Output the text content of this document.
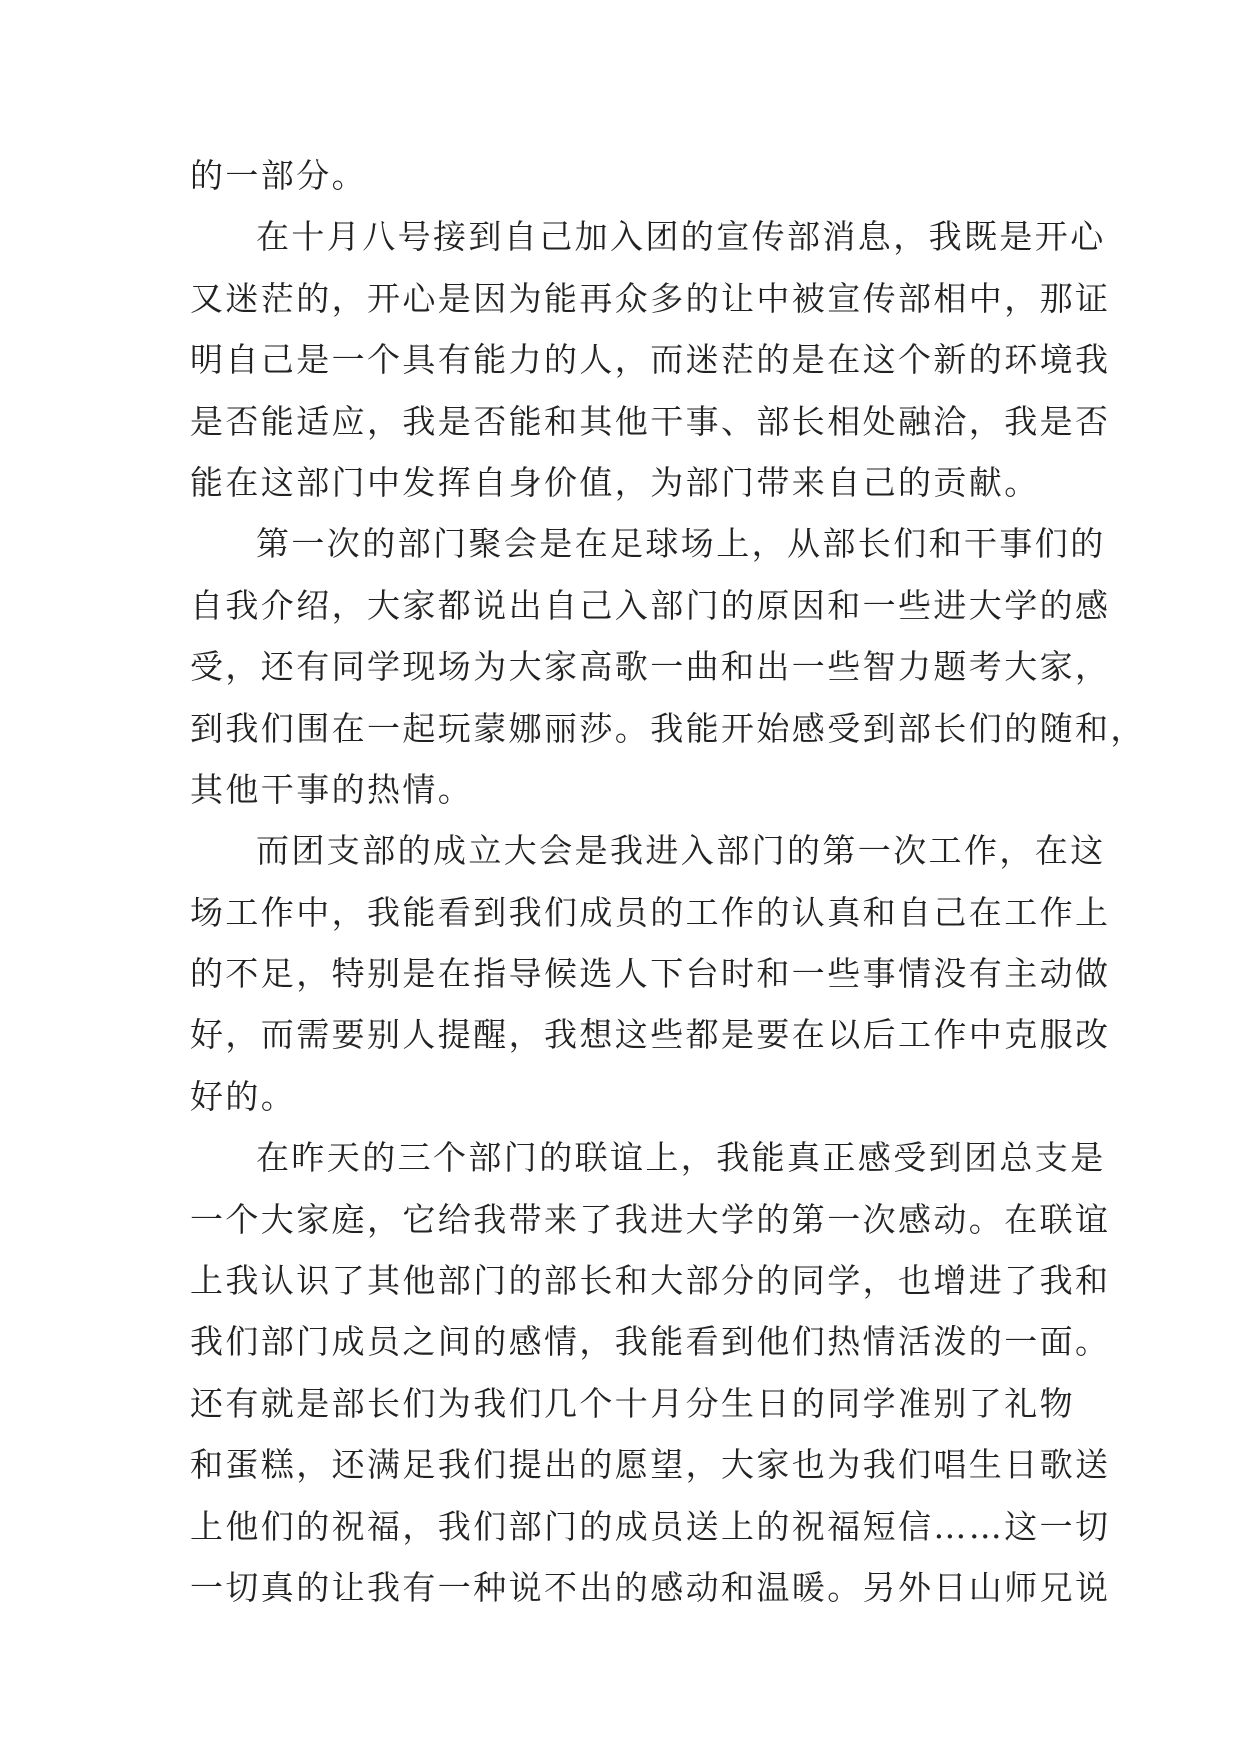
的一部分。
在十月八号接到自己加入团的宣传部消息，我既是开心
又迷茫的，开心是因为能再众多的让中被宣传部相中，那证
明自己是一个具有能力的人，而迷茫的是在这个新的环境我
是否能适应，我是否能和其他干事、部长相处融洽，我是否
能在这部门中发挥自身价值，为部门带来自己的贡献。
第一次的部门聚会是在足球场上，从部长们和干事们的
自我介绍，大家都说出自己入部门的原因和一些进大学的感
受，还有同学现场为大家高歌一曲和出一些智力题考大家，
到我们围在一起玩蒙娜丽莎。我能开始感受到部长们的随和，
其他干事的热情。
而团支部的成立大会是我进入部门的第一次工作，在这
场工作中，我能看到我们成员的工作的认真和自己在工作上
的不足，特别是在指导候选人下台时和一些事情没有主动做
好，而需要别人提醒，我想这些都是要在以后工作中克服改
好的。
在昨天的三个部门的联谊上，我能真正感受到团总支是
一个大家庭，它给我带来了我进大学的第一次感动。在联谊
上我认识了其他部门的部长和大部分的同学，也增进了我和
我们部门成员之间的感情，我能看到他们热情活泼的一面。
还有就是部长们为我们几个十月分生日的同学准别了礼物
和蛋糕，还满足我们提出的愿望，大家也为我们唱生日歌送
上他们的祝福，我们部门的成员送上的祝福短信……这一切
一切真的让我有一种说不出的感动和温暖。另外日山师兄说
